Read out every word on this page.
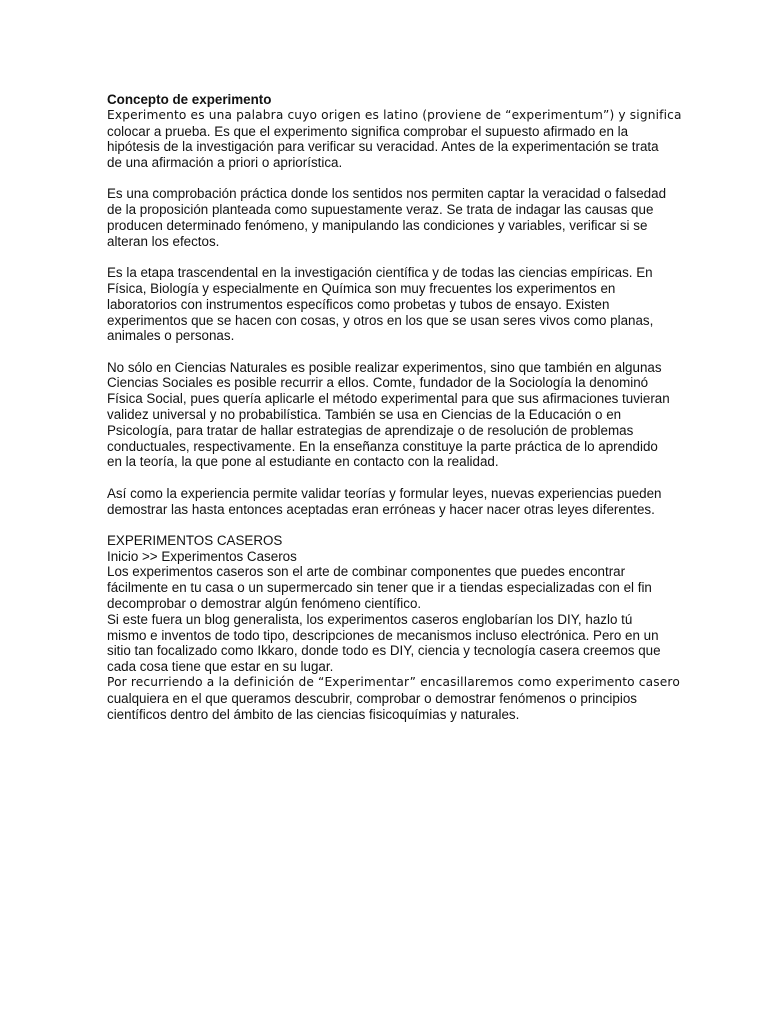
Concepto de experimento
Experimento es una palabra cuyo origen es latino (proviene de “experimentum”) y significa
colocar a prueba. Es que el experimento significa comprobar el supuesto afirmado en la
hipótesis de la investigación para verificar su veracidad. Antes de la experimentación se trata
de una afirmación a priori o apriorística.
Es una comprobación práctica donde los sentidos nos permiten captar la veracidad o falsedad
de la proposición planteada como supuestamente veraz. Se trata de indagar las causas que
producen determinado fenómeno, y manipulando las condiciones y variables, verificar si se
alteran los efectos.
Es la etapa trascendental en la investigación científica y de todas las ciencias empíricas. En
Física, Biología y especialmente en Química son muy frecuentes los experimentos en
laboratorios con instrumentos específicos como probetas y tubos de ensayo. Existen
experimentos que se hacen con cosas, y otros en los que se usan seres vivos como planas,
animales o personas.
No sólo en Ciencias Naturales es posible realizar experimentos, sino que también en algunas
Ciencias Sociales es posible recurrir a ellos. Comte, fundador de la Sociología la denominó
Física Social, pues quería aplicarle el método experimental para que sus afirmaciones tuvieran
validez universal y no probabilística. También se usa en Ciencias de la Educación o en
Psicología, para tratar de hallar estrategias de aprendizaje o de resolución de problemas
conductuales, respectivamente. En la enseñanza constituye la parte práctica de lo aprendido
en la teoría, la que pone al estudiante en contacto con la realidad.
Así como la experiencia permite validar teorías y formular leyes, nuevas experiencias pueden
demostrar las hasta entonces aceptadas eran erróneas y hacer nacer otras leyes diferentes.
EXPERIMENTOS CASEROS
Inicio >> Experimentos Caseros
Los experimentos caseros son el arte de combinar componentes que puedes encontrar
fácilmente en tu casa o un supermercado sin tener que ir a tiendas especializadas con el fin
decomprobar o demostrar algún fenómeno científico.
Si este fuera un blog generalista, los experimentos caseros englobarían los DIY, hazlo tú
mismo e inventos de todo tipo, descripciones de mecanismos incluso electrónica. Pero en un
sitio tan focalizado como Ikkaro, donde todo es DIY, ciencia y tecnología casera creemos que
cada cosa tiene que estar en su lugar.
Por recurriendo a la definición de “Experimentar” encasillaremos como experimento casero
cualquiera en el que queramos descubrir, comprobar o demostrar fenómenos o principios
científicos dentro del ámbito de las ciencias fisicoquímias y naturales.
